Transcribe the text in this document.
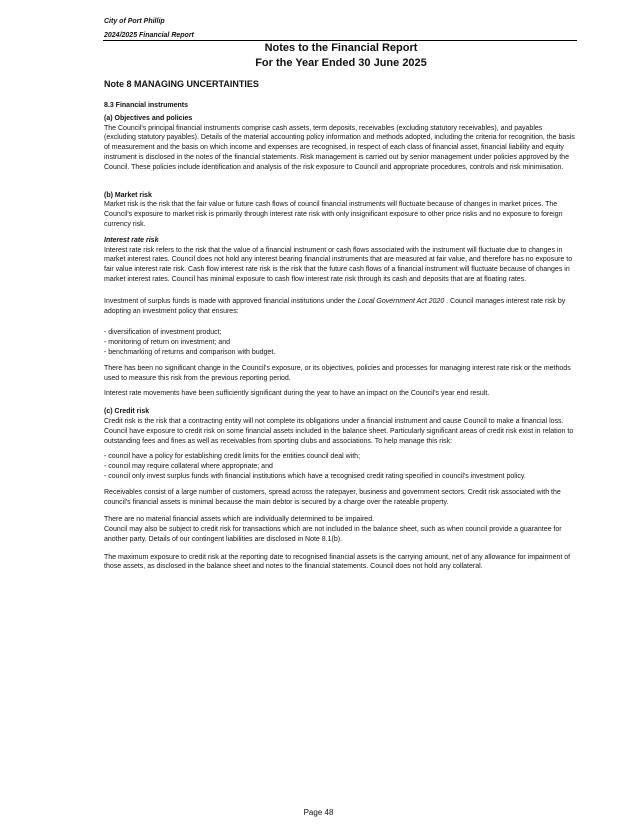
City of Port Phillip
2024/2025 Financial Report
Notes to the Financial Report
For the Year Ended 30 June 2025
Note 8 MANAGING UNCERTAINTIES

8.3 Financial instruments

(a) Objectives and policies

The Council's principal financial instruments comprise cash assets, term deposits, receivables (excluding statutory receivables), and payables (excluding statutory payables). Details of the material accounting policy information and methods adopted, including the criteria for recognition, the basis of measurement and the basis on which income and expenses are recognised, in respect of each class of financial asset, financial liability and equity instrument is disclosed in the notes of the financial statements. Risk management is carried out by senior management under policies approved by the Council. These policies include identification and analysis of the risk exposure to Council and appropriate procedures, controls and risk minimisation.

(b) Market risk

Market risk is the risk that the fair value or future cash flows of council financial instruments will fluctuate because of changes in market prices. The Council's exposure to market risk is primarily through interest rate risk with only insignificant exposure to other price risks and no exposure to foreign currency risk.

Interest rate risk

Interest rate risk refers to the risk that the value of a financial instrument or cash flows associated with the instrument will fluctuate due to changes in market interest rates. Council does not hold any interest bearing financial instruments that are measured at fair value, and therefore has no exposure to fair value interest rate risk. Cash flow interest rate risk is the risk that the future cash flows of a financial instrument will fluctuate because of changes in market interest rates. Council has minimal exposure to cash flow interest rate risk through its cash and deposits that are at floating rates.

Investment of surplus funds is made with approved financial institutions under the Local Government Act 2020 . Council manages interest rate risk by adopting an investment policy that ensures:

- diversification of investment product;
- monitoring of return on investment; and
- benchmarking of returns and comparison with budget.

There has been no significant change in the Council's exposure, or its objectives, policies and processes for managing interest rate risk or the methods used to measure this risk from the previous reporting period.

Interest rate movements have been sufficiently significant during the year to have an impact on the Council's year end result.

(c) Credit risk

Credit risk is the risk that a contracting entity will not complete its obligations under a financial instrument and cause Council to make a financial loss. Council have exposure to credit risk on some financial assets included in the balance sheet. Particularly significant areas of credit risk exist in relation to outstanding fees and fines as well as receivables from sporting clubs and associations. To help manage this risk:

- council have a policy for establishing credit limits for the entities council deal with;
- council may require collateral where appropriate; and
- council only invest surplus funds with financial institutions which have a recognised credit rating specified in council's investment policy.

Receivables consist of a large number of customers, spread across the ratepayer, business and government sectors. Credit risk associated with the council's financial assets is minimal because the main debtor is secured by a charge over the rateable property.

There are no material financial assets which are individually determined to be impaired.

Council may also be subject to credit risk for transactions which are not included in the balance sheet, such as when council provide a guarantee for another party. Details of our contingent liabilities are disclosed in Note 8.1(b).

The maximum exposure to credit risk at the reporting date to recognised financial assets is the carrying amount, net of any allowance for impairment of those assets, as disclosed in the balance sheet and notes to the financial statements. Council does not hold any collateral.

Page 48
